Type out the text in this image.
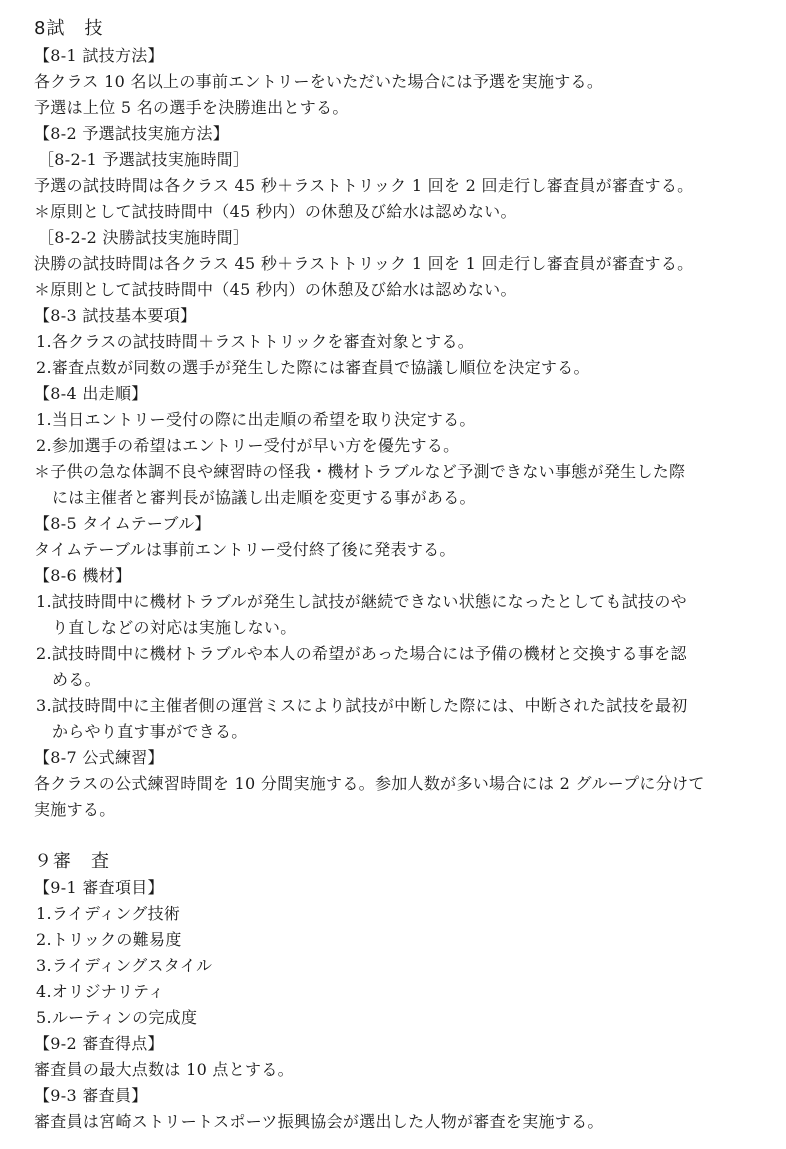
8試　技
【8-1 試技方法】
各クラス 10 名以上の事前エントリーをいただいた場合には予選を実施する。
予選は上位 5 名の選手を決勝進出とする。
【8-2 予選試技実施方法】
［8-2-1 予選試技実施時間］
予選の試技時間は各クラス 45 秒＋ラストトリック 1 回を 2 回走行し審査員が審査する。
＊原則として試技時間中（45 秒内）の休憩及び給水は認めない。
［8-2-2 決勝試技実施時間］
決勝の試技時間は各クラス 45 秒＋ラストトリック 1 回を 1 回走行し審査員が審査する。
＊原則として試技時間中（45 秒内）の休憩及び給水は認めない。
【8-3 試技基本要項】
1.各クラスの試技時間＋ラストトリックを審査対象とする。
2.審査点数が同数の選手が発生した際には審査員で協議し順位を決定する。
【8-4 出走順】
1.当日エントリー受付の際に出走順の希望を取り決定する。
2.参加選手の希望はエントリー受付が早い方を優先する。
＊子供の急な体調不良や練習時の怪我・機材トラブルなど予測できない事態が発生した際
には主催者と審判長が協議し出走順を変更する事がある。
【8-5 タイムテーブル】
タイムテーブルは事前エントリー受付終了後に発表する。
【8-6 機材】
1.試技時間中に機材トラブルが発生し試技が継続できない状態になったとしても試技のや
り直しなどの対応は実施しない。
2.試技時間中に機材トラブルや本人の希望があった場合には予備の機材と交換する事を認
める。
3.試技時間中に主催者側の運営ミスにより試技が中断した際には、中断された試技を最初
からやり直す事ができる。
【8-7 公式練習】
各クラスの公式練習時間を 10 分間実施する。参加人数が多い場合には 2 グループに分けて
実施する。
９審　査
【9-1 審査項目】
1.ライディング技術
2.トリックの難易度
3.ライディングスタイル
4.オリジナリティ
5.ルーティンの完成度
【9-2 審査得点】
審査員の最大点数は 10 点とする。
【9-3 審査員】
審査員は宮崎ストリートスポーツ振興協会が選出した人物が審査を実施する。
